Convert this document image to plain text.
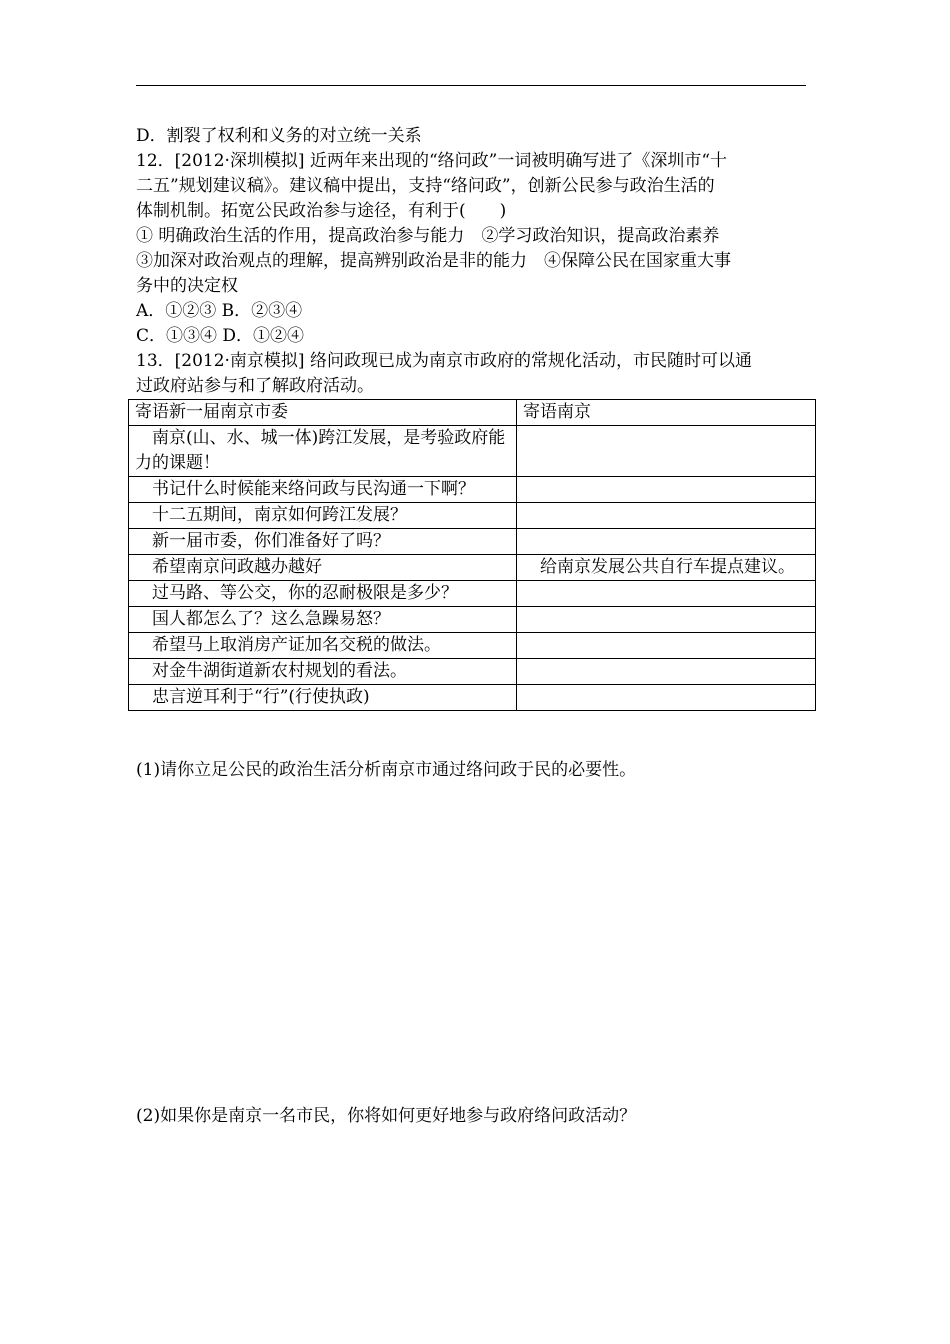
D．割裂了权利和义务的对立统一关系
12．[2012·深圳模拟] 近两年来出现的“络问政”一词被明确写进了《深圳市“十
二五”规划建议稿》。建议稿中提出，支持“络问政”，创新公民参与政治生活的
体制机制。拓宽公民政治参与途径，有利于(　　)
① 明确政治生活的作用，提高政治参与能力　②学习政治知识，提高政治素养
③加深对政治观点的理解，提高辨别政治是非的能力　④保障公民在国家重大事
务中的决定权
A．①②③ B．②③④
C．①③④ D．①②④
13．[2012·南京模拟] 络问政现已成为南京市政府的常规化活动，市民随时可以通
过政府站参与和了解政府活动。
寄语新一届南京市委	寄语南京
南京(山、水、城一体)跨江发展，是考验政府能力的课题！	
书记什么时候能来络问政与民沟通一下啊？	
十二五期间，南京如何跨江发展？	
新一届市委，你们准备好了吗？	
希望南京问政越办越好	给南京发展公共自行车提点建议。
过马路、等公交，你的忍耐极限是多少？	
国人都怎么了？这么急躁易怒？	
希望马上取消房产证加名交税的做法。	
对金牛湖街道新农村规划的看法。	
忠言逆耳利于“行”(行使执政)	
(1)请你立足公民的政治生活分析南京市通过络问政于民的必要性。
(2)如果你是南京一名市民，你将如何更好地参与政府络问政活动？
